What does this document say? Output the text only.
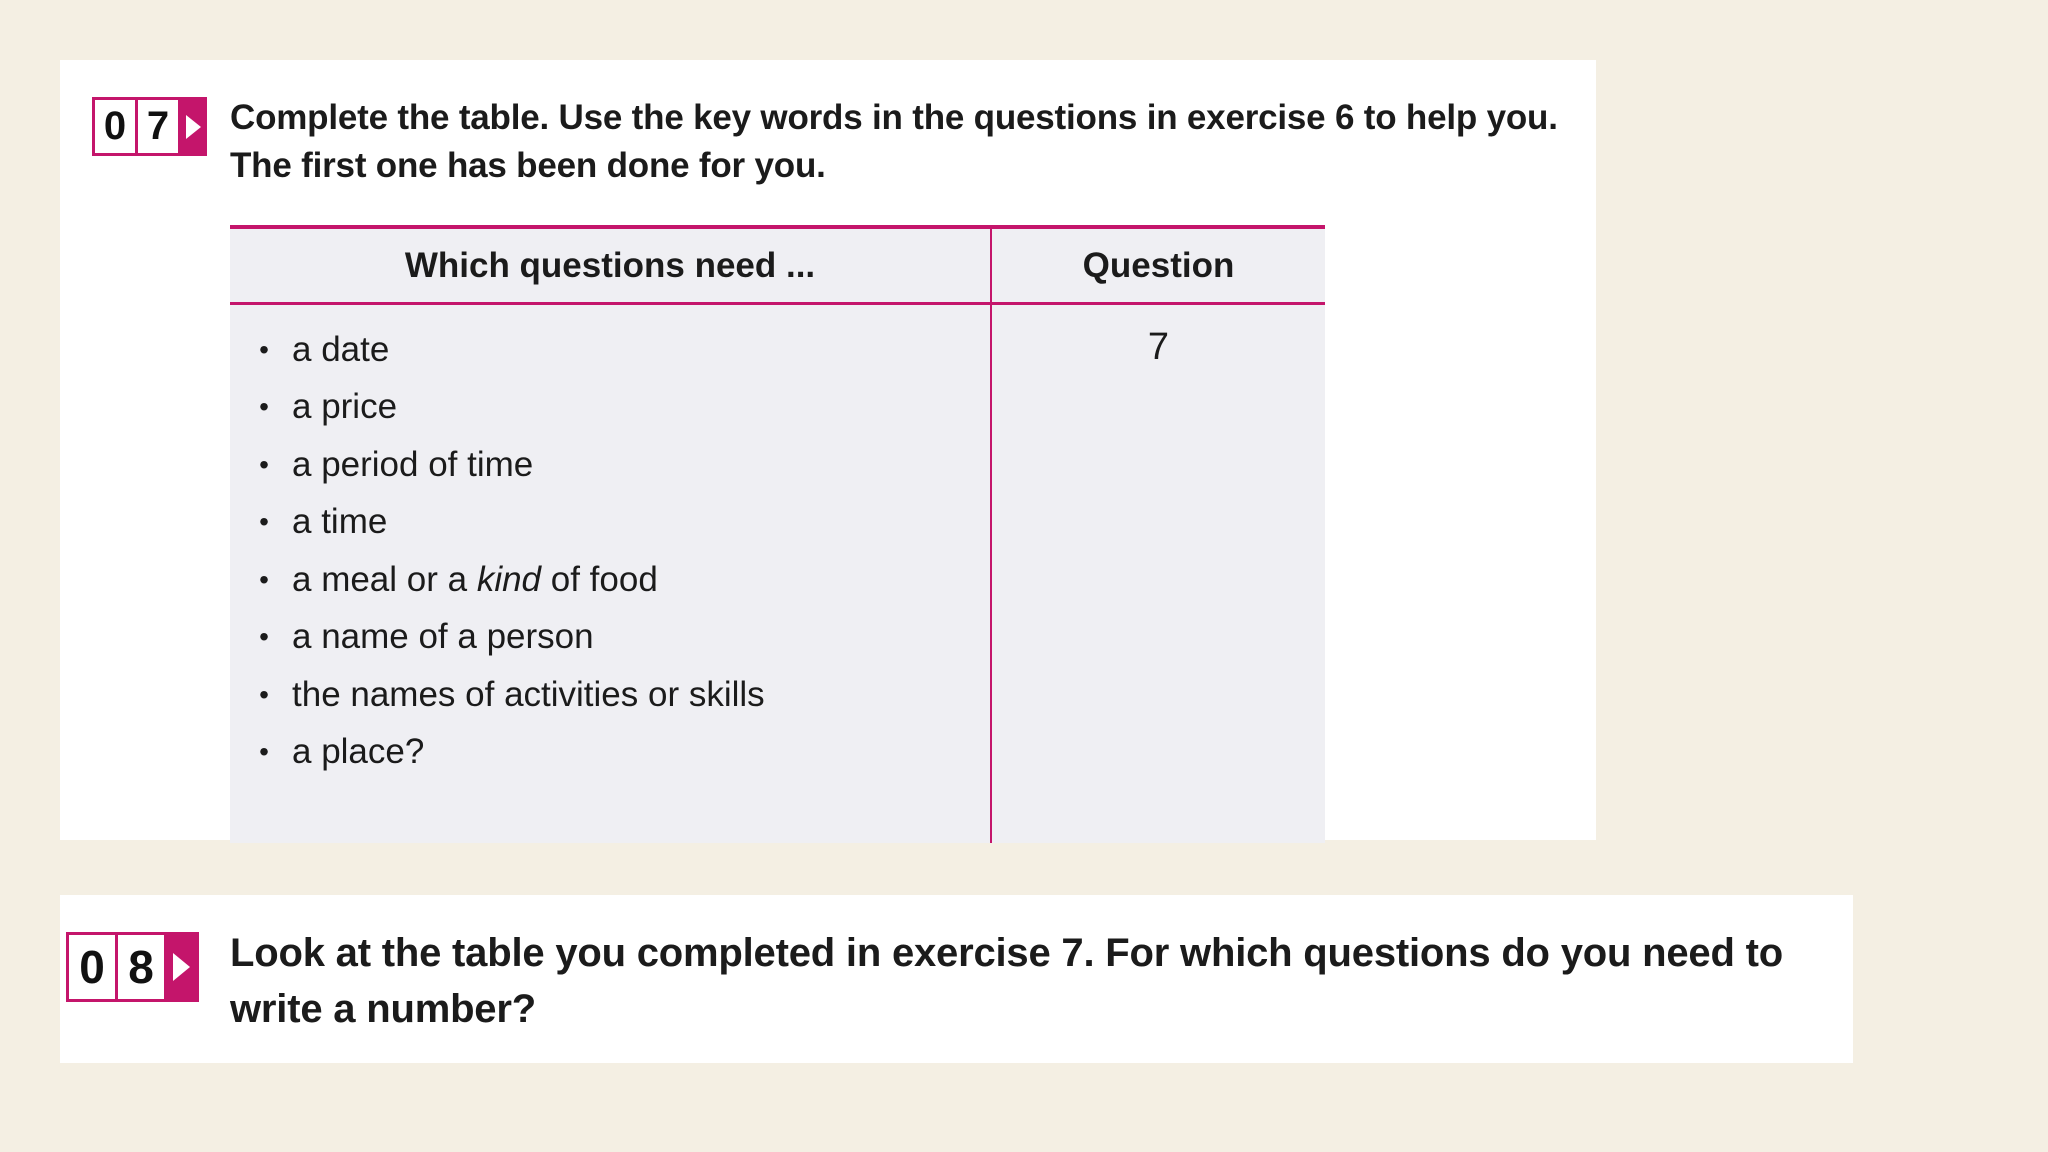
0 7 Complete the table. Use the key words in the questions in exercise 6 to help you.
The first one has been done for you.
Which questions need ...	Question
• a date
• a price
• a period of time
• a time
• a meal or a kind of food
• a name of a person
• the names of activities or skills
• a place?
7
0 8 Look at the table you completed in exercise 7. For which questions do you need to
write a number?
